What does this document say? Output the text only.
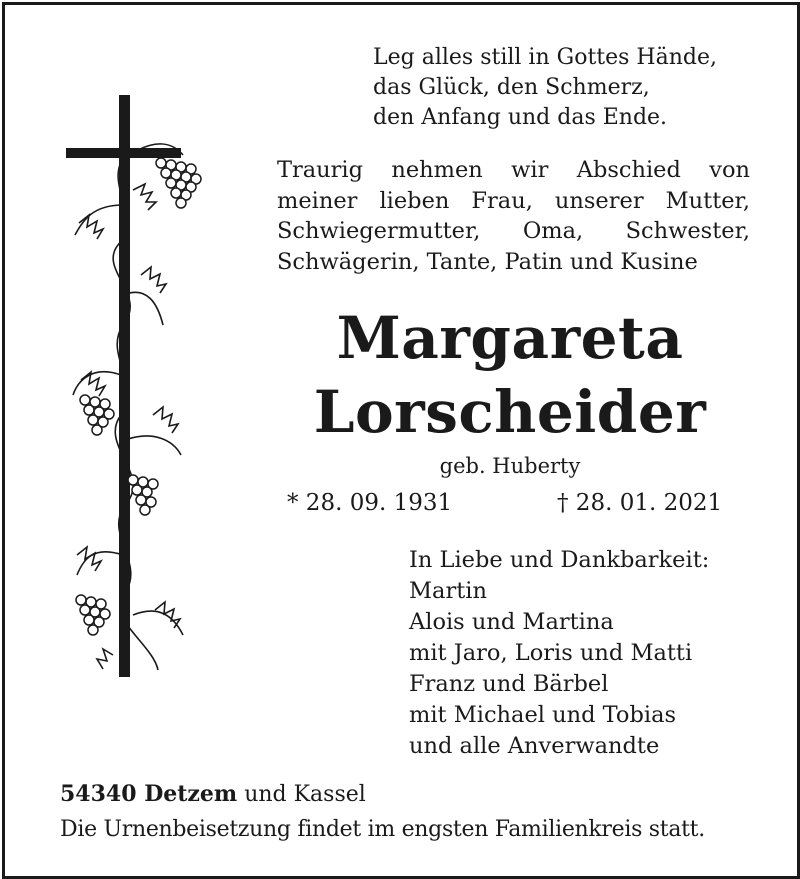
Leg alles still in Gottes Hände,
das Glück, den Schmerz,
den Anfang und das Ende.
Traurig nehmen wir Abschied von
meiner lieben Frau, unserer Mutter,
Schwiegermutter, Oma, Schwester,
Schwägerin, Tante, Patin und Kusine
Margareta
Lorscheider
geb. Huberty
* 28. 09. 1931	† 28. 01. 2021
In Liebe und Dankbarkeit:
Martin
Alois und Martina
mit Jaro, Loris und Matti
Franz und Bärbel
mit Michael und Tobias
und alle Anverwandte
54340 Detzem und Kassel
Die Urnenbeisetzung findet im engsten Familienkreis statt.
